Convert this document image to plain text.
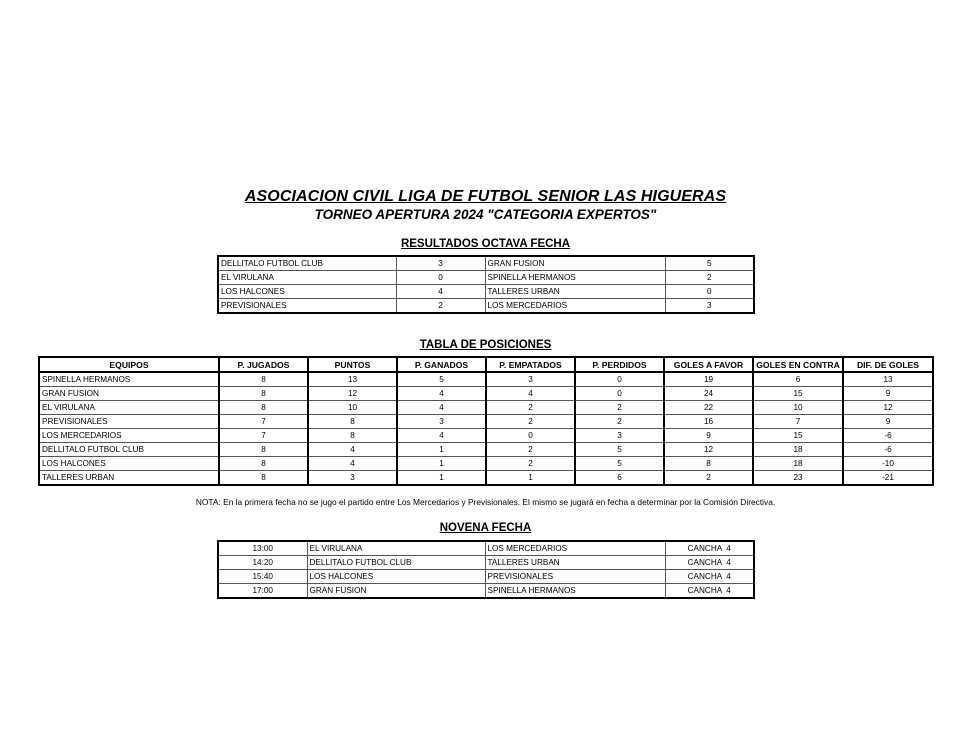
ASOCIACION CIVIL LIGA DE FUTBOL SENIOR LAS HIGUERAS
TORNEO APERTURA 2024 "CATEGORIA EXPERTOS"
RESULTADOS OCTAVA FECHA
DELLITALO FUTBOL CLUB	3	GRAN FUSION	5
EL VIRULANA	0	SPINELLA HERMANOS	2
LOS HALCONES	4	TALLERES URBAN	0
PREVISIONALES	2	LOS MERCEDARIOS	3
TABLA DE POSICIONES
EQUIPOS	P. JUGADOS	PUNTOS	P. GANADOS	P. EMPATADOS	P. PERDIDOS	GOLES A FAVOR	GOLES EN CONTRA	DIF. DE GOLES
SPINELLA HERMANOS	8	13	5	3	0	19	6	13
GRAN FUSION	8	12	4	4	0	24	15	9
EL VIRULANA	8	10	4	2	2	22	10	12
PREVISIONALES	7	8	3	2	2	16	7	9
LOS MERCEDARIOS	7	8	4	0	3	9	15	-6
DELLITALO FUTBOL CLUB	8	4	1	2	5	12	18	-6
LOS HALCONES	8	4	1	2	5	8	18	-10
TALLERES URBAN	8	3	1	1	6	2	23	-21
NOTA: En la primera fecha no se jugo el partido entre Los Mercedarios y Previsionales. El mismo se jugará en fecha a determinar por la Comisión Directiva.
NOVENA FECHA
13:00	EL VIRULANA	LOS MERCEDARIOS	CANCHA  4
14:20	DELLITALO FUTBOL CLUB	TALLERES URBAN	CANCHA  4
15:40	LOS HALCONES	PREVISIONALES	CANCHA  4
17:00	GRAN FUSION	SPINELLA HERMANOS	CANCHA  4
